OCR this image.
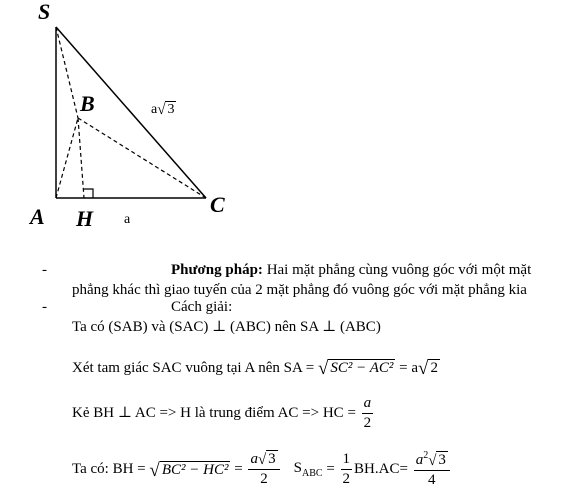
S
B
A H
C
a√ 3
a
-	Phương pháp: Hai mặt phẳng cùng vuông góc với một mặt
phẳng khác thì giao tuyến của 2 mặt phẳng đó vuông góc với mặt phẳng kia
-	Cách giải:
Ta có (SAB) và (SAC) ⊥ (ABC) nên SA ⊥ (ABC)
Xét tam giác SAC vuông tại A nên SA = √ SC² − AC² = a√ 2
Kẻ BH ⊥ AC => H là trung điểm AC => HC = $\frac{a}{2}$
Ta có: BH = √ $BC^2 - HC^2 = \frac{a√ 3}{2} S_{ABC} = \frac{1}{2} BH.AC= \frac{a^2√ 3}{4}$
